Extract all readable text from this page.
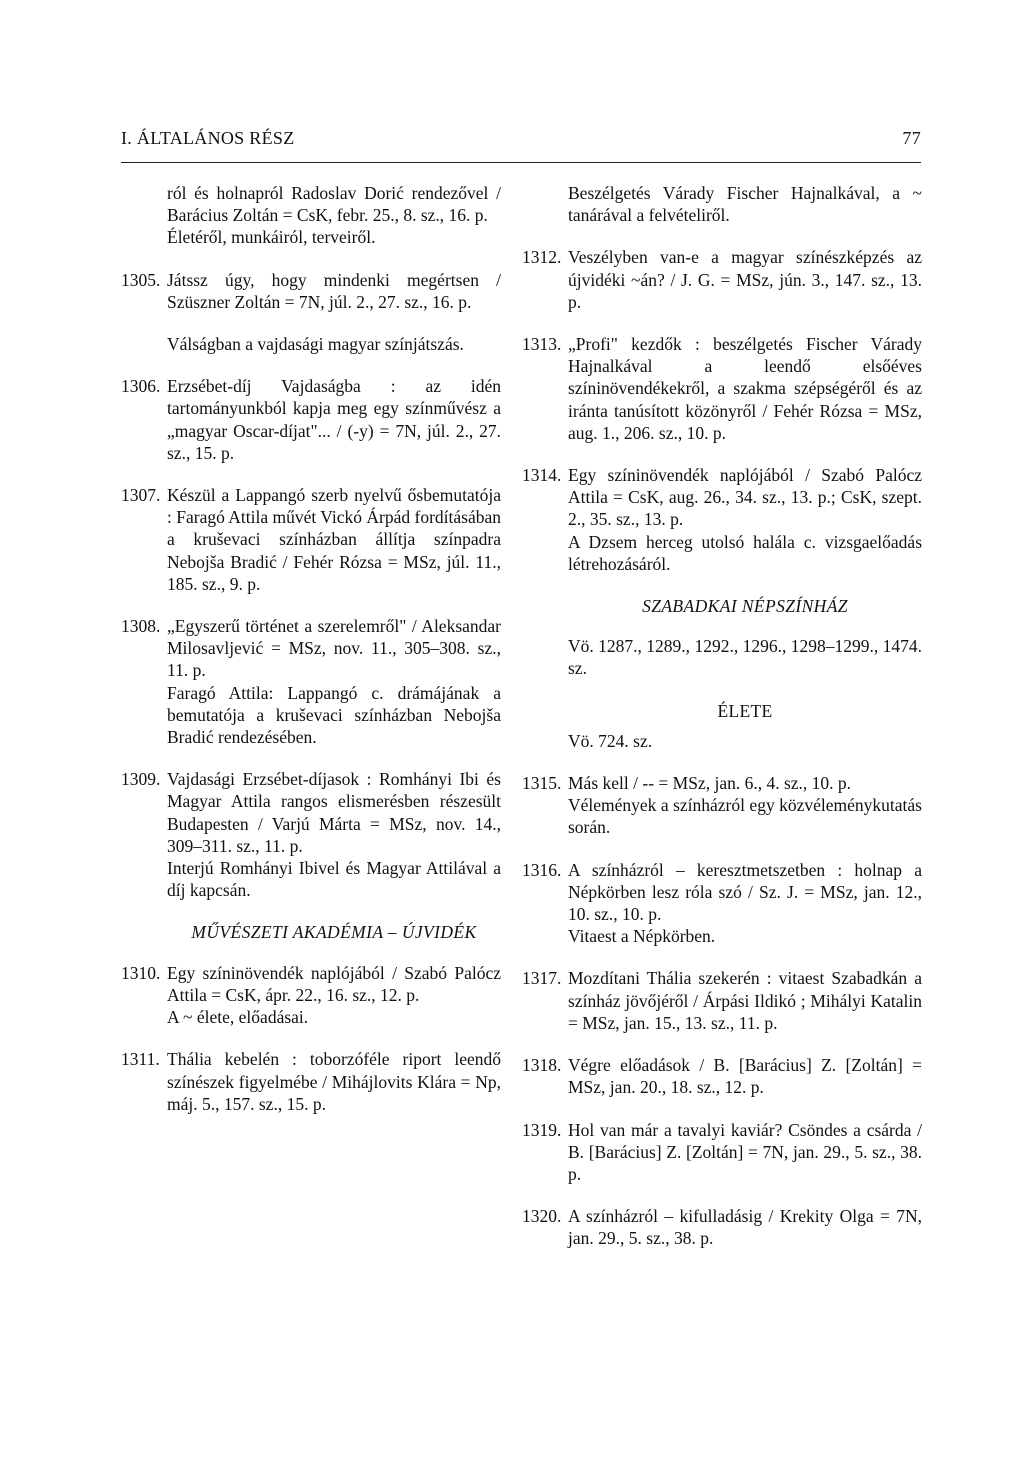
I. ÁLTALÁNOS RÉSZ	77
ról és holnapról Radoslav Dorić rendezővel / Barácius Zoltán = CsK, febr. 25., 8. sz., 16. p.
Életéről, munkáiról, terveiről.
1305. Játssz úgy, hogy mindenki megértsen / Szüszner Zoltán = 7N, júl. 2., 27. sz., 16. p.
Válságban a vajdasági magyar színjátszás.
1306. Erzsébet-díj Vajdaságba : az idén tartományunkból kapja meg egy színművész a „magyar Oscar-díjat"... / (-y) = 7N, júl. 2., 27. sz., 15. p.
1307. Készül a Lappangó szerb nyelvű ősbemutatója : Faragó Attila művét Vickó Árpád fordításában a kruševaci színházban állítja színpadra Nebojša Bradić / Fehér Rózsa = MSz, júl. 11., 185. sz., 9. p.
1308. „Egyszerű történet a szerelemről" / Aleksandar Milosavljević = MSz, nov. 11., 305–308. sz., 11. p.
Faragó Attila: Lappangó c. drámájának a bemutatója a kruševaci színházban Nebojša Bradić rendezésében.
1309. Vajdasági Erzsébet-díjasok : Romhányi Ibi és Magyar Attila rangos elismerésben részesült Budapesten / Varjú Márta = MSz, nov. 14., 309–311. sz., 11. p.
Interjú Romhányi Ibivel és Magyar Attilával a díj kapcsán.
MŰVÉSZETI AKADÉMIA – ÚJVIDÉK
1310. Egy színinövendék naplójából / Szabó Palócz Attila = CsK, ápr. 22., 16. sz., 12. p.
A ~ élete, előadásai.
1311. Thália kebelén : toborzóféle riport leendő színészek figyelmébe / Mihájlovits Klára = Np, máj. 5., 157. sz., 15. p.
Beszélgetés Várady Fischer Hajnalkával, a ~ tanárával a felvételiről.
1312. Veszélyben van-e a magyar színészképzés az újvidéki ~án? / J. G. = MSz, jún. 3., 147. sz., 13. p.
1313. „Profi" kezdők : beszélgetés Fischer Várady Hajnalkával a leendő elsőéves színinövendékekről, a szakma szépségéről és az iránta tanúsított közönyről / Fehér Rózsa = MSz, aug. 1., 206. sz., 10. p.
1314. Egy színinövendék naplójából / Szabó Palócz Attila = CsK, aug. 26., 34. sz., 13. p.; CsK, szept. 2., 35. sz., 13. p.
A Dzsem herceg utolsó halála c. vizsgaelőadás létrehozásáról.
SZABADKAI NÉPSZÍNHÁZ
Vö. 1287., 1289., 1292., 1296., 1298–1299., 1474. sz.
ÉLETE
Vö. 724. sz.
1315. Más kell / -- = MSz, jan. 6., 4. sz., 10. p.
Vélemények a színházról egy közvéleménykutatás során.
1316. A színházról – keresztmetszetben : holnap a Népkörben lesz róla szó / Sz. J. = MSz, jan. 12., 10. sz., 10. p.
Vitaest a Népkörben.
1317. Mozdítani Thália szekerén : vitaest Szabadkán a színház jövőjéről / Árpási Ildikó ; Mihályi Katalin = MSz, jan. 15., 13. sz., 11. p.
1318. Végre előadások / B. [Barácius] Z. [Zoltán] = MSz, jan. 20., 18. sz., 12. p.
1319. Hol van már a tavalyi kaviár? Csöndes a csárda / B. [Barácius] Z. [Zoltán] = 7N, jan. 29., 5. sz., 38. p.
1320. A színházról – kifulladásig / Krekity Olga = 7N, jan. 29., 5. sz., 38. p.
